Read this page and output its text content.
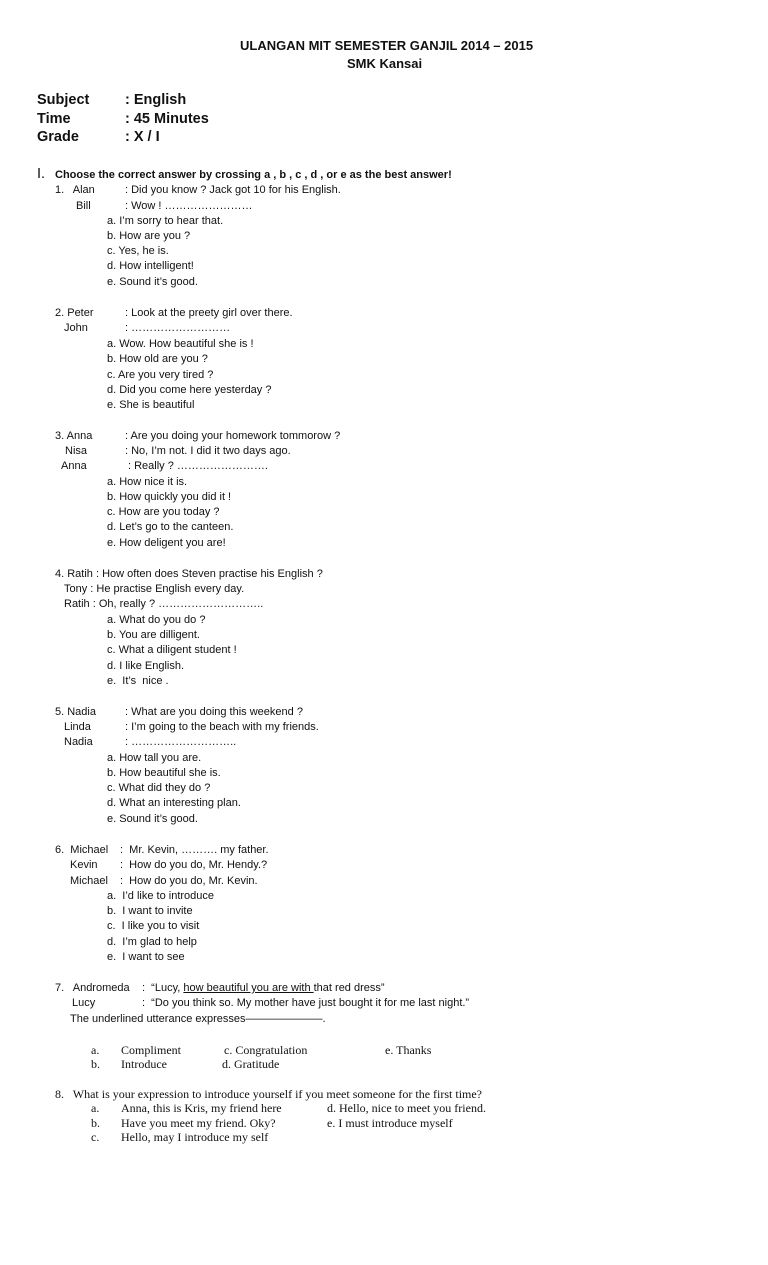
ULANGAN MIT SEMESTER GANJIL 2014 – 2015
SMK Kansai
Subject : English
Time	: 45 Minutes
Grade	: X / I
I. Choose the correct answer by crossing a , b , c , d , or e as the best answer!
1.   Alan	: Did you know ? Jack got 10 for his English.
Bill	: Wow ! ……………………
a. I’m sorry to hear that.
b. How are you ?
c. Yes, he is.
d. How intelligent!
e. Sound it’s good.
2. Peter	: Look at the preety girl over there.
John	: ………………………
a. Wow. How beautiful she is !
b. How old are you ?
c. Are you very tired ?
d. Did you come here yesterday ?
e. She is beautiful
3. Anna	: Are you doing your homework tommorow ?
Nisa	: No, I’m not. I did it two days ago.
Anna	: Really ? …………………….
a. How nice it is.
b. How quickly you did it !
c. How are you today ?
d. Let’s go to the canteen.
e. How deligent you are!
4. Ratih : How often does Steven practise his English ?
Tony : He practise English every day.
Ratih : Oh, really ? ………………………..
a. What do you do ?
b. You are dilligent.
c. What a diligent student !
d. I like English.
e.  It’s  nice .
5. Nadia	: What are you doing this weekend ?
Linda	: I’m going to the beach with my friends.
Nadia	: ………………………..
a. How tall you are.
b. How beautiful she is.
c. What did they do ?
d. What an interesting plan.
e. Sound it’s good.
6.  Michael :  Mr. Kevin, ………. my father.
Kevin :  How do you do, Mr. Hendy.?
Michael :  How do you do, Mr. Kevin.
a.  I’d like to introduce
b.  I want to invite
c.  I like you to visit
d.  I’m glad to help
e.  I want to see
7.   Andromeda :  “Lucy, how beautiful you are with that red dress”
Lucy	:  “Do you think so. My mother have just bought it for me last night.”
The underlined utterance expresses———————.
a. Compliment	c. Congratulation	e. Thanks
b. Introduce	d. Gratitude
8.   What is your expression to introduce yourself if you meet someone for the first time?
a. Anna, this is Kris, my friend here	d. Hello, nice to meet you friend.
b. Have you meet my friend. Oky?	e. I must introduce myself
c. Hello, may I introduce my self
